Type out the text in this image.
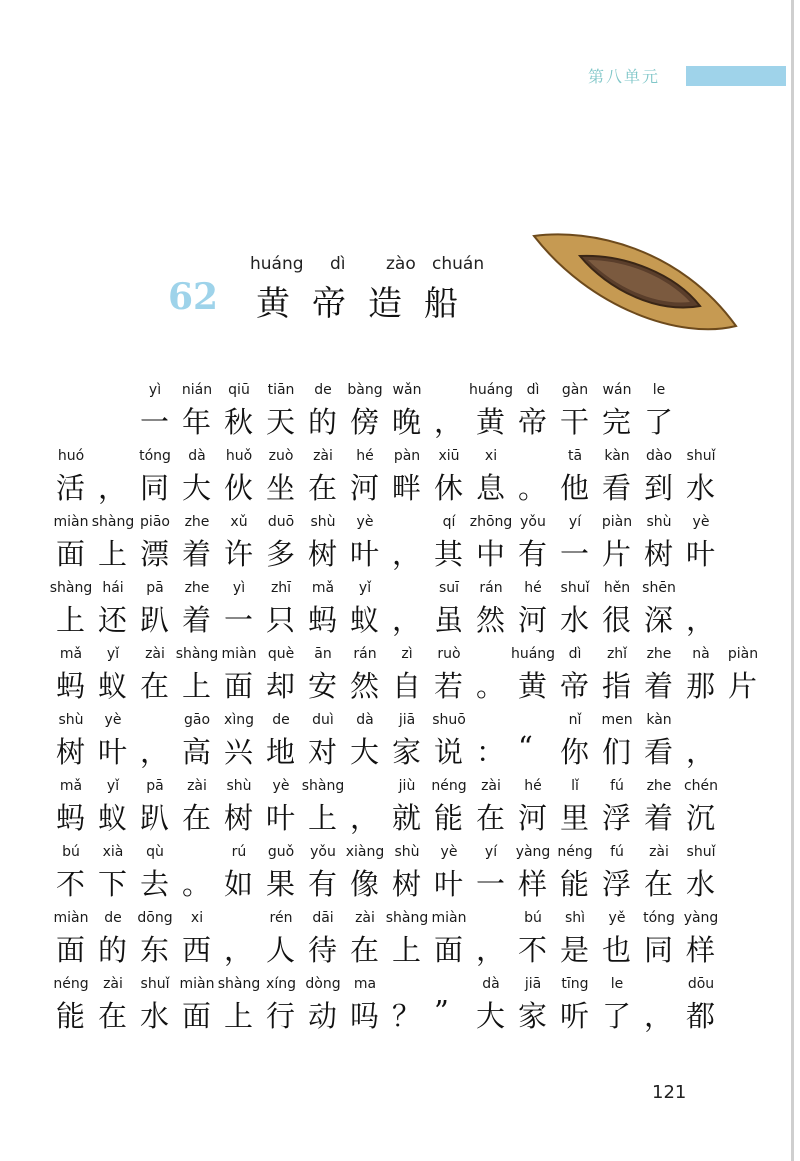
第八单元
huáng dì zào chuán
62 黄帝造船
一
yì
年
nián
秋
qiū
天
tiān
的
de
傍
bàng
晚
wǎn
， 黄
huáng
帝
dì
干
gàn
完
wán
了
le
活
huó
， 同
tóng
大
dà
伙
huǒ
坐
zuò
在
zài
河
hé
畔
pàn
休
xiū
息
xi
。 他
tā
看
kàn
到
dào
水
shuǐ
面
miàn
上
shàng
漂
piāo
着
zhe
许
xǔ
多
duō
树
shù
叶
yè
， 其
qí
中
zhōng
有
yǒu
一
yí
片
piàn
树
shù
叶
yè
上
shàng
还
hái
趴
pā
着
zhe
一
yì
只
zhī
蚂
mǎ
蚁
yǐ
， 虽
suī
然
rán
河
hé
水
shuǐ
很
hěn
深
shēn
，
蚂
mǎ
蚁
yǐ
在
zài
上
shàng
面
miàn
却
què
安
ān
然
rán
自
zì
若
ruò
。 黄
huáng
帝
dì
指
zhǐ
着
zhe
那
nà
片
piàn
树
shù
叶
yè
， 高
gāo
兴
xìng
地
de
对
duì
大
dà
家
jiā
说
shuō
： “ 你
nǐ
们
men
看
kàn
，
蚂
mǎ
蚁
yǐ
趴
pā
在
zài
树
shù
叶
yè
上
shàng
， 就
jiù
能
néng
在
zài
河
hé
里
lǐ
浮
fú
着
zhe
沉
chén
不
bú
下
xià
去
qù
。 如
rú
果
guǒ
有
yǒu
像
xiàng
树
shù
叶
yè
一
yí
样
yàng
能
néng
浮
fú
在
zài
水
shuǐ
面
miàn
的
de
东
dōng
西
xi
， 人
rén
待
dāi
在
zài
上
shàng
面
miàn
， 不
bú
是
shì
也
yě
同
tóng
样
yàng
能
néng
在
zài
水
shuǐ
面
miàn
上
shàng
行
xíng
动
dòng
吗
ma
？ ” 大
dà
家
jiā
听
tīng
了
le
， 都
dōu
121
